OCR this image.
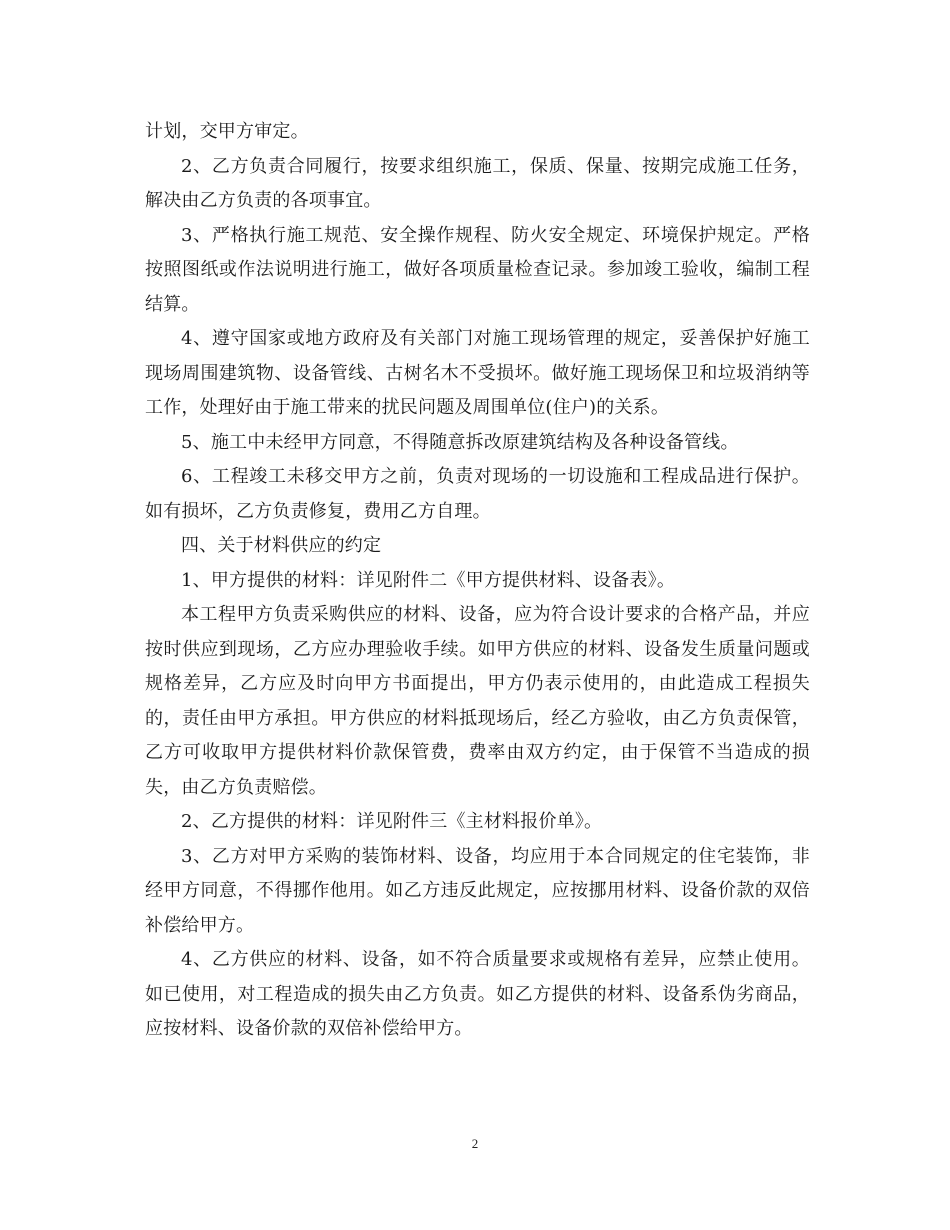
计划，交甲方审定。

2、乙方负责合同履行，按要求组织施工，保质、保量、按期完成施工任务，解决由乙方负责的各项事宜。

3、严格执行施工规范、安全操作规程、防火安全规定、环境保护规定。严格按照图纸或作法说明进行施工，做好各项质量检查记录。参加竣工验收，编制工程结算。

4、遵守国家或地方政府及有关部门对施工现场管理的规定，妥善保护好施工现场周围建筑物、设备管线、古树名木不受损坏。做好施工现场保卫和垃圾消纳等工作，处理好由于施工带来的扰民问题及周围单位(住户)的关系。

5、施工中未经甲方同意，不得随意拆改原建筑结构及各种设备管线。

6、工程竣工未移交甲方之前，负责对现场的一切设施和工程成品进行保护。如有损坏，乙方负责修复，费用乙方自理。

四、关于材料供应的约定

1、甲方提供的材料：详见附件二《甲方提供材料、设备表》。

本工程甲方负责采购供应的材料、设备，应为符合设计要求的合格产品，并应按时供应到现场，乙方应办理验收手续。如甲方供应的材料、设备发生质量问题或规格差异，乙方应及时向甲方书面提出，甲方仍表示使用的，由此造成工程损失的，责任由甲方承担。甲方供应的材料抵现场后，经乙方验收，由乙方负责保管，乙方可收取甲方提供材料价款保管费，费率由双方约定，由于保管不当造成的损失，由乙方负责赔偿。

2、乙方提供的材料：详见附件三《主材料报价单》。

3、乙方对甲方采购的装饰材料、设备，均应用于本合同规定的住宅装饰，非经甲方同意，不得挪作他用。如乙方违反此规定，应按挪用材料、设备价款的双倍补偿给甲方。

4、乙方供应的材料、设备，如不符合质量要求或规格有差异，应禁止使用。如已使用，对工程造成的损失由乙方负责。如乙方提供的材料、设备系伪劣商品，应按材料、设备价款的双倍补偿给甲方。

2
